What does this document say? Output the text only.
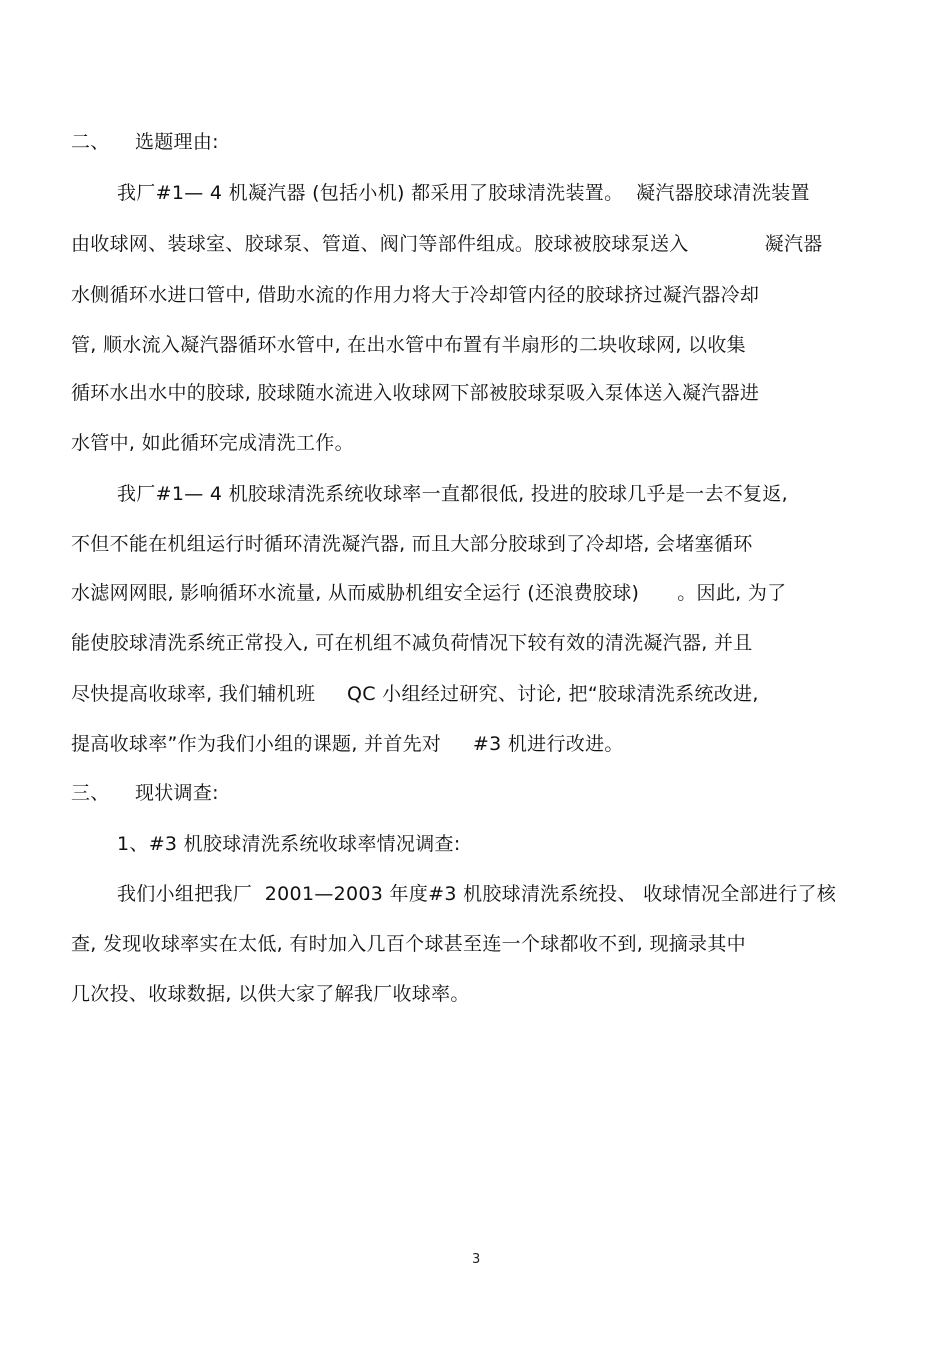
二、    选题理由:
我厂#1— 4 机凝汽器 (包括小机) 都采用了胶球清洗装置。  凝汽器胶球清洗装置
由收球网、装球室、胶球泵、管道、阀门等部件组成。胶球被胶球泵送入            凝汽器
水侧循环水进口管中, 借助水流的作用力将大于冷却管内径的胶球挤过凝汽器冷却
管, 顺水流入凝汽器循环水管中, 在出水管中布置有半扇形的二块收球网, 以收集
循环水出水中的胶球, 胶球随水流进入收球网下部被胶球泵吸入泵体送入凝汽器进
水管中, 如此循环完成清洗工作。
我厂#1— 4 机胶球清洗系统收球率一直都很低, 投进的胶球几乎是一去不复返,
不但不能在机组运行时循环清洗凝汽器, 而且大部分胶球到了冷却塔, 会堵塞循环
水滤网网眼, 影响循环水流量, 从而威胁机组安全运行 (还浪费胶球)      。因此, 为了
能使胶球清洗系统正常投入, 可在机组不减负荷情况下较有效的清洗凝汽器, 并且
尽快提高收球率, 我们辅机班     QC 小组经过研究、讨论, 把“胶球清洗系统改进,
提高收球率”作为我们小组的课题, 并首先对     #3 机进行改进。
三、    现状调查:
1、#3 机胶球清洗系统收球率情况调查:
我们小组把我厂  2001—2003 年度#3 机胶球清洗系统投、 收球情况全部进行了核
查, 发现收球率实在太低, 有时加入几百个球甚至连一个球都收不到, 现摘录其中
几次投、收球数据, 以供大家了解我厂收球率。
3
